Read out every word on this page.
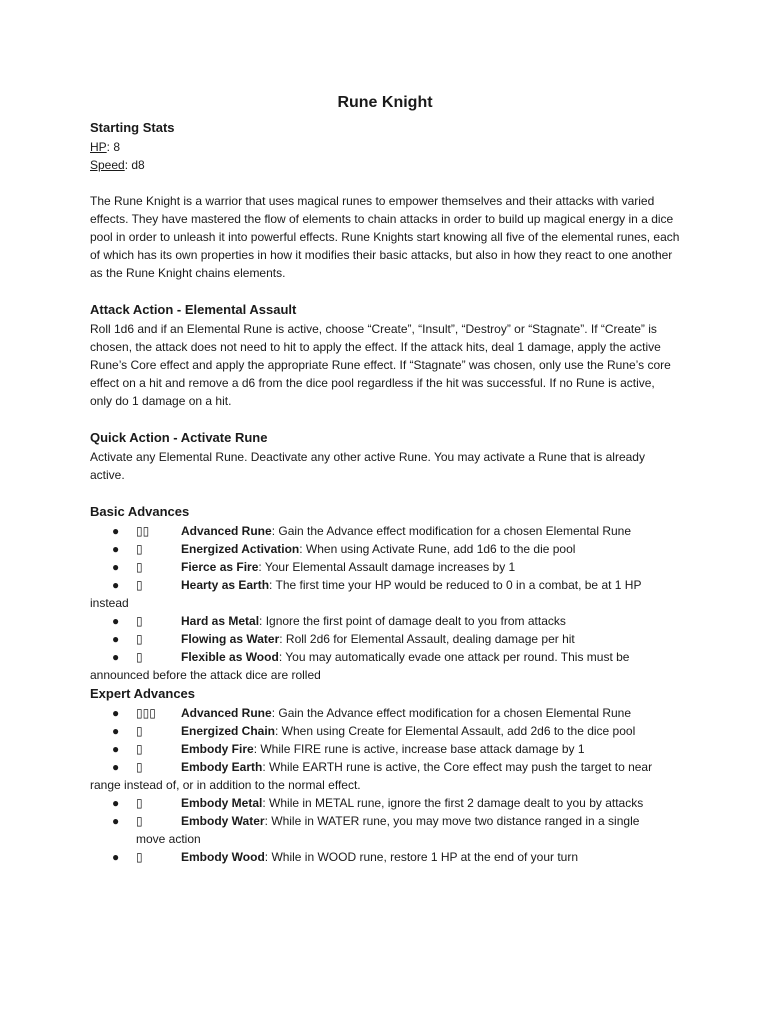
Rune Knight
Starting Stats
HP: 8
Speed: d8

The Rune Knight is a warrior that uses magical runes to empower themselves and their attacks with varied effects. They have mastered the flow of elements to chain attacks in order to build up magical energy in a dice pool in order to unleash it into powerful effects. Rune Knights start knowing all five of the elemental runes, each of which has its own properties in how it modifies their basic attacks, but also in how they react to one another as the Rune Knight chains elements.

Attack Action - Elemental Assault

Roll 1d6 and if an Elemental Rune is active, choose “Create”, “Insult”, “Destroy” or “Stagnate”. If “Create” is chosen, the attack does not need to hit to apply the effect. If the attack hits, deal 1 damage, apply the active Rune’s Core effect and apply the appropriate Rune effect. If “Stagnate” was chosen, only use the Rune’s core effect on a hit and remove a d6 from the dice pool regardless if the hit was successful. If no Rune is active, only do 1 damage on a hit.

Quick Action - Activate Rune

Activate any Elemental Rune. Deactivate any other active Rune. You may activate a Rune that is already active.

Basic Advances
● ▯▯	Advanced Rune: Gain the Advance effect modification for a chosen Elemental Rune
● ▯	Energized Activation: When using Activate Rune, add 1d6 to the die pool
● ▯	Fierce as Fire: Your Elemental Assault damage increases by 1
● ▯	Hearty as Earth: The first time your HP would be reduced to 0 in a combat, be at 1 HP
instead
● ▯	Hard as Metal: Ignore the first point of damage dealt to you from attacks
● ▯	Flowing as Water: Roll 2d6 for Elemental Assault, dealing damage per hit
● ▯	Flexible as Wood: You may automatically evade one attack per round. This must be
announced before the attack dice are rolled
Expert Advances
● ▯▯▯ Advanced Rune: Gain the Advance effect modification for a chosen Elemental Rune
● ▯	Energized Chain: When using Create for Elemental Assault, add 2d6 to the dice pool
● ▯	Embody Fire: While FIRE rune is active, increase base attack damage by 1
● ▯	Embody Earth: While EARTH rune is active, the Core effect may push the target to near
range instead of, or in addition to the normal effect.
● ▯	Embody Metal: While in METAL rune, ignore the first 2 damage dealt to you by attacks
● ▯	Embody Water: While in WATER rune, you may move two distance ranged in a single
move action
● ▯	Embody Wood: While in WOOD rune, restore 1 HP at the end of your turn
